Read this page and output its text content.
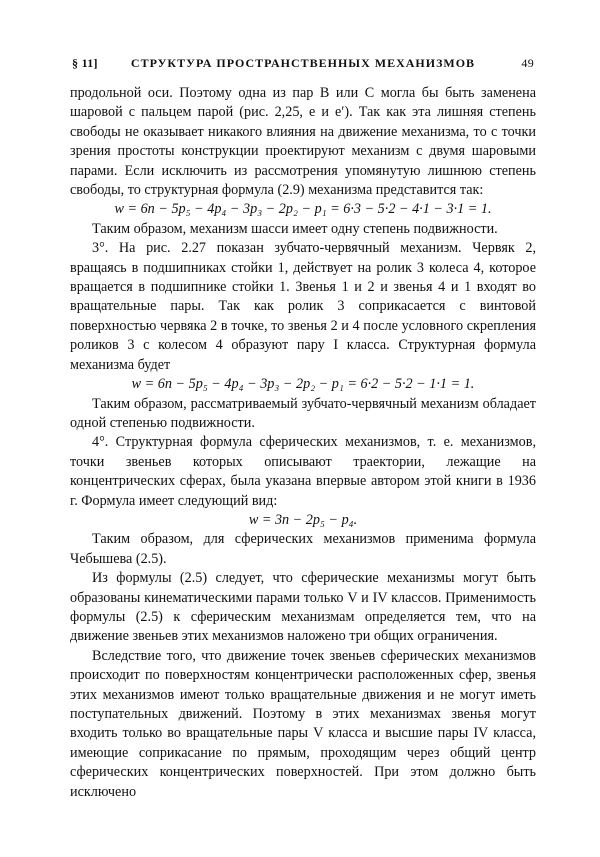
§ 11]	СТРУКТУРА ПРОСТРАНСТВЕННЫХ МЕХАНИЗМОВ	49

продольной оси. Поэтому одна из пар B или C могла бы быть заменена шаровой с пальцем парой (рис. 2,25, e и e′). Так как эта лишняя степень свободы не оказывает никакого влияния на движение механизма, то с точки зрения простоты конструкции проектируют механизм с двумя шаровыми парами. Если исключить из рассмотрения упомянутую лишнюю степень свободы, то структурная формула (2.9) механизма представится так:

w = 6n − 5p₅ − 4p₄ − 3p₃ − 2p₂ − p₁ = 6·3 − 5·2 − 4·1 − 3·1 = 1.

Таким образом, механизм шасси имеет одну степень подвижности.

3°. На рис. 2.27 показан зубчато-червячный механизм. Червяк 2, вращаясь в подшипниках стойки 1, действует на ролик 3 колеса 4, которое вращается в подшипнике стойки 1. Звенья 1 и 2 и звенья 4 и 1 входят во вращательные пары. Так как ролик 3 соприкасается с винтовой поверхностью червяка 2 в точке, то звенья 2 и 4 после условного скрепления роликов 3 с колесом 4 образуют пару I класса. Структурная формула механизма будет

w = 6n − 5p₅ − 4p₄ − 3p₃ − 2p₂ − p₁ = 6·2 − 5·2 − 1·1 = 1.

Таким образом, рассматриваемый зубчато-червячный механизм обладает одной степенью подвижности.

4°. Структурная формула сферических механизмов, т. е. механизмов, точки звеньев которых описывают траектории, лежащие на концентрических сферах, была указана впервые автором этой книги в 1936 г. Формула имеет следующий вид:

w = 3n − 2p₅ − p₄.

Таким образом, для сферических механизмов применима формула Чебышева (2.5).

Из формулы (2.5) следует, что сферические механизмы могут быть образованы кинематическими парами только V и IV классов. Применимость формулы (2.5) к сферическим механизмам определяется тем, что на движение звеньев этих механизмов наложено три общих ограничения.

Вследствие того, что движение точек звеньев сферических механизмов происходит по поверхностям концентрически расположенных сфер, звенья этих механизмов имеют только вращательные движения и не могут иметь поступательных движений. Поэтому в этих механизмах звенья могут входить только во вращательные пары V класса и высшие пары IV класса, имеющие соприкасание по прямым, проходящим через общий центр сферических концентрических поверхностей. При этом должно быть исключено
